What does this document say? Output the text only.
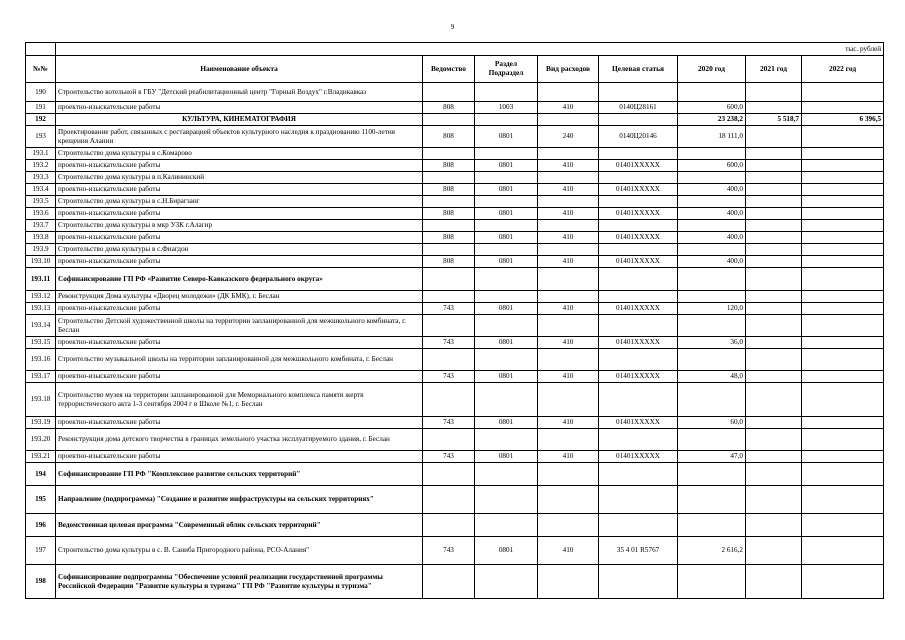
9
	тыс. рублей							
№№	Наименование объекта	Ведомство	Раздел Подраздел	Вид расходов	Целевая статья	2020 год	2021 год	2022 год
190	Строительство котельной в ГБУ "Детский реабилитационный центр "Горный Воздух" г.Владикавказ							
191	проектно-изыскательские работы	808	1003	410	0140Ц28161	600,0		
192	КУЛЬТУРА, КИНЕМАТОГРАФИЯ					23 238,2	5 518,7	6 396,5
193	Проектирование работ, связанных с реставрацией объектов культурного наследия к празднованию 1100-летия крещения Алании	808	0801	240	0140Ц20146	18 111,0		
193.1	Строительство дома культуры в с.Комарово							
193.2	проектно-изыскательские работы	808	0801	410	01401XXXXX	600,0		
193.3	Строительство дома культуры в п.Калининский							
193.4	проектно-изыскательские работы	808	0801	410	01401XXXXX	400,0		
193.5	Строительство дома культуры в с.Н.Бирагзанг							
193.6	проектно-изыскательские работы	808	0801	410	01401XXXXX	400,0		
193.7	Строительство дома культуры в мкр УЗК г.Алагир							
193.8	проектно-изыскательские работы	808	0801	410	01401XXXXX	400,0		
193.9	Строительство дома культуры в с.Фиагдон							
193.10	проектно-изыскательские работы	808	0801	410	01401XXXXX	400,0		
193.11	Софинансирование ГП РФ «Развитие Северо-Кавказского федерального округа»							
193.12	Реконструкция Дома культуры «Дворец молодежи» (ДК БМК), г. Беслан							
193.13	проектно-изыскательские работы	743	0801	410	01401XXXXX	120,0		
193.14	Строительство Детской художественной школы на территории запланированной для межшкольного комбината, г. Беслан							
193.15	проектно-изыскательские работы	743	0801	410	01401XXXXX	36,0		
193.16	Строительство музыкальной школы на территории запланированной для межшкольного комбината, г. Беслан							
193.17	проектно-изыскательские работы	743	0801	410	01401XXXXX	48,0		
193.18	Строительство музея на территории запланированной для Мемориального комплекса памяти жертв террористического акта 1-3 сентября 2004 г в Школе №1, г. Беслан							
193.19	проектно-изыскательские работы	743	0801	410	01401XXXXX	60,0		
193.20	Реконструкция дома детского творчества в границах земельного участка эксплуатируемого здания, г. Беслан							
193.21	проектно-изыскательские работы	743	0801	410	01401XXXXX	47,0		
194	Софинансирование ГП РФ "Комплексное развитие сельских территорий"							
195	Направление (подпрограмма) "Создание и развитие инфраструктуры на сельских территориях"							
196	Ведомственная целевая программа "Современный облик сельских территорий"							
197	Строительство дома культуры в с. В. Саниба Пригородного района, РСО-Алания"	743	0801	410	35 4 01 R5767	2 616,2		
198	Софинансирование подпрограммы "Обеспечение условий реализации государственной программы Российской Федерации "Развитие культуры и туризма" ГП РФ "Развитие культуры и туризма"							
